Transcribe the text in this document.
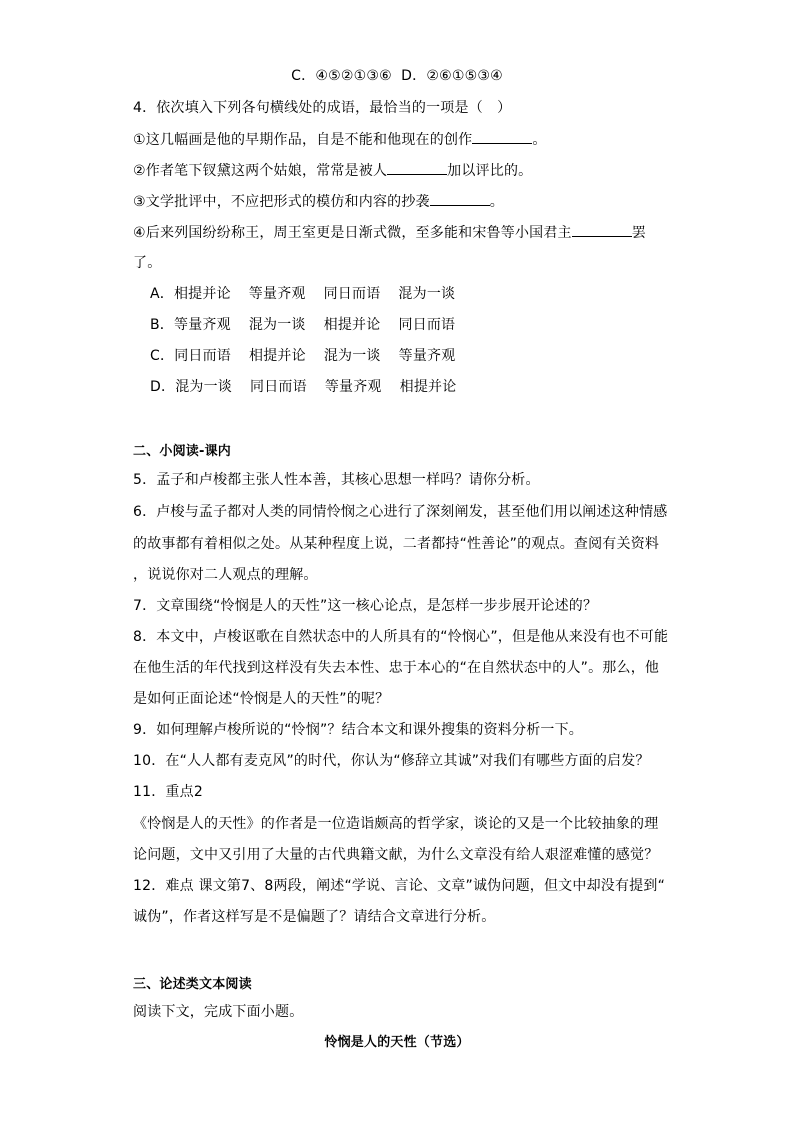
C．④⑤②①③⑥ D．②⑥①⑤③④
4．依次填入下列各句横线处的成语，最恰当的一项是（　）
①这几幅画是他的早期作品，自是不能和他现在的创作	。
②作者笔下钗黛这两个姑娘，常常是被人	加以评比的。
③文学批评中，不应把形式的模仿和内容的抄袭	。
④后来列国纷纷称王，周王室更是日渐式微，至多能和宋鲁等小国君主	罢
了。
A．相提并论 等量齐观 同日而语 混为一谈
B．等量齐观 混为一谈 相提并论 同日而语
C．同日而语 相提并论 混为一谈 等量齐观
D．混为一谈 同日而语 等量齐观 相提并论
二、小阅读-课内
5．孟子和卢梭都主张人性本善，其核心思想一样吗？请你分析。
6．卢梭与孟子都对人类的同情怜悯之心进行了深刻阐发，甚至他们用以阐述这种情感
的故事都有着相似之处。从某种程度上说，二者都持“性善论”的观点。查阅有关资料
，说说你对二人观点的理解。
7．文章围绕“怜悯是人的天性”这一核心论点，是怎样一步步展开论述的？
8．本文中，卢梭讴歌在自然状态中的人所具有的“怜悯心”，但是他从来没有也不可能
在他生活的年代找到这样没有失去本性、忠于本心的“在自然状态中的人”。那么，他
是如何正面论述“怜悯是人的天性”的呢？
9．如何理解卢梭所说的“怜悯”？结合本文和课外搜集的资料分析一下。
10．在“人人都有麦克风”的时代，你认为“修辞立其诚”对我们有哪些方面的启发？
11．重点2
《怜悯是人的天性》的作者是一位造诣颇高的哲学家，谈论的又是一个比较抽象的理
论问题，文中又引用了大量的古代典籍文献，为什么文章没有给人艰涩难懂的感觉？
12．难点 课文第7、8两段，阐述“学说、言论、文章”诚伪问题，但文中却没有提到“
诚伪”，作者这样写是不是偏题了？请结合文章进行分析。
三、论述类文本阅读
阅读下文，完成下面小题。
怜悯是人的天性（节选）
